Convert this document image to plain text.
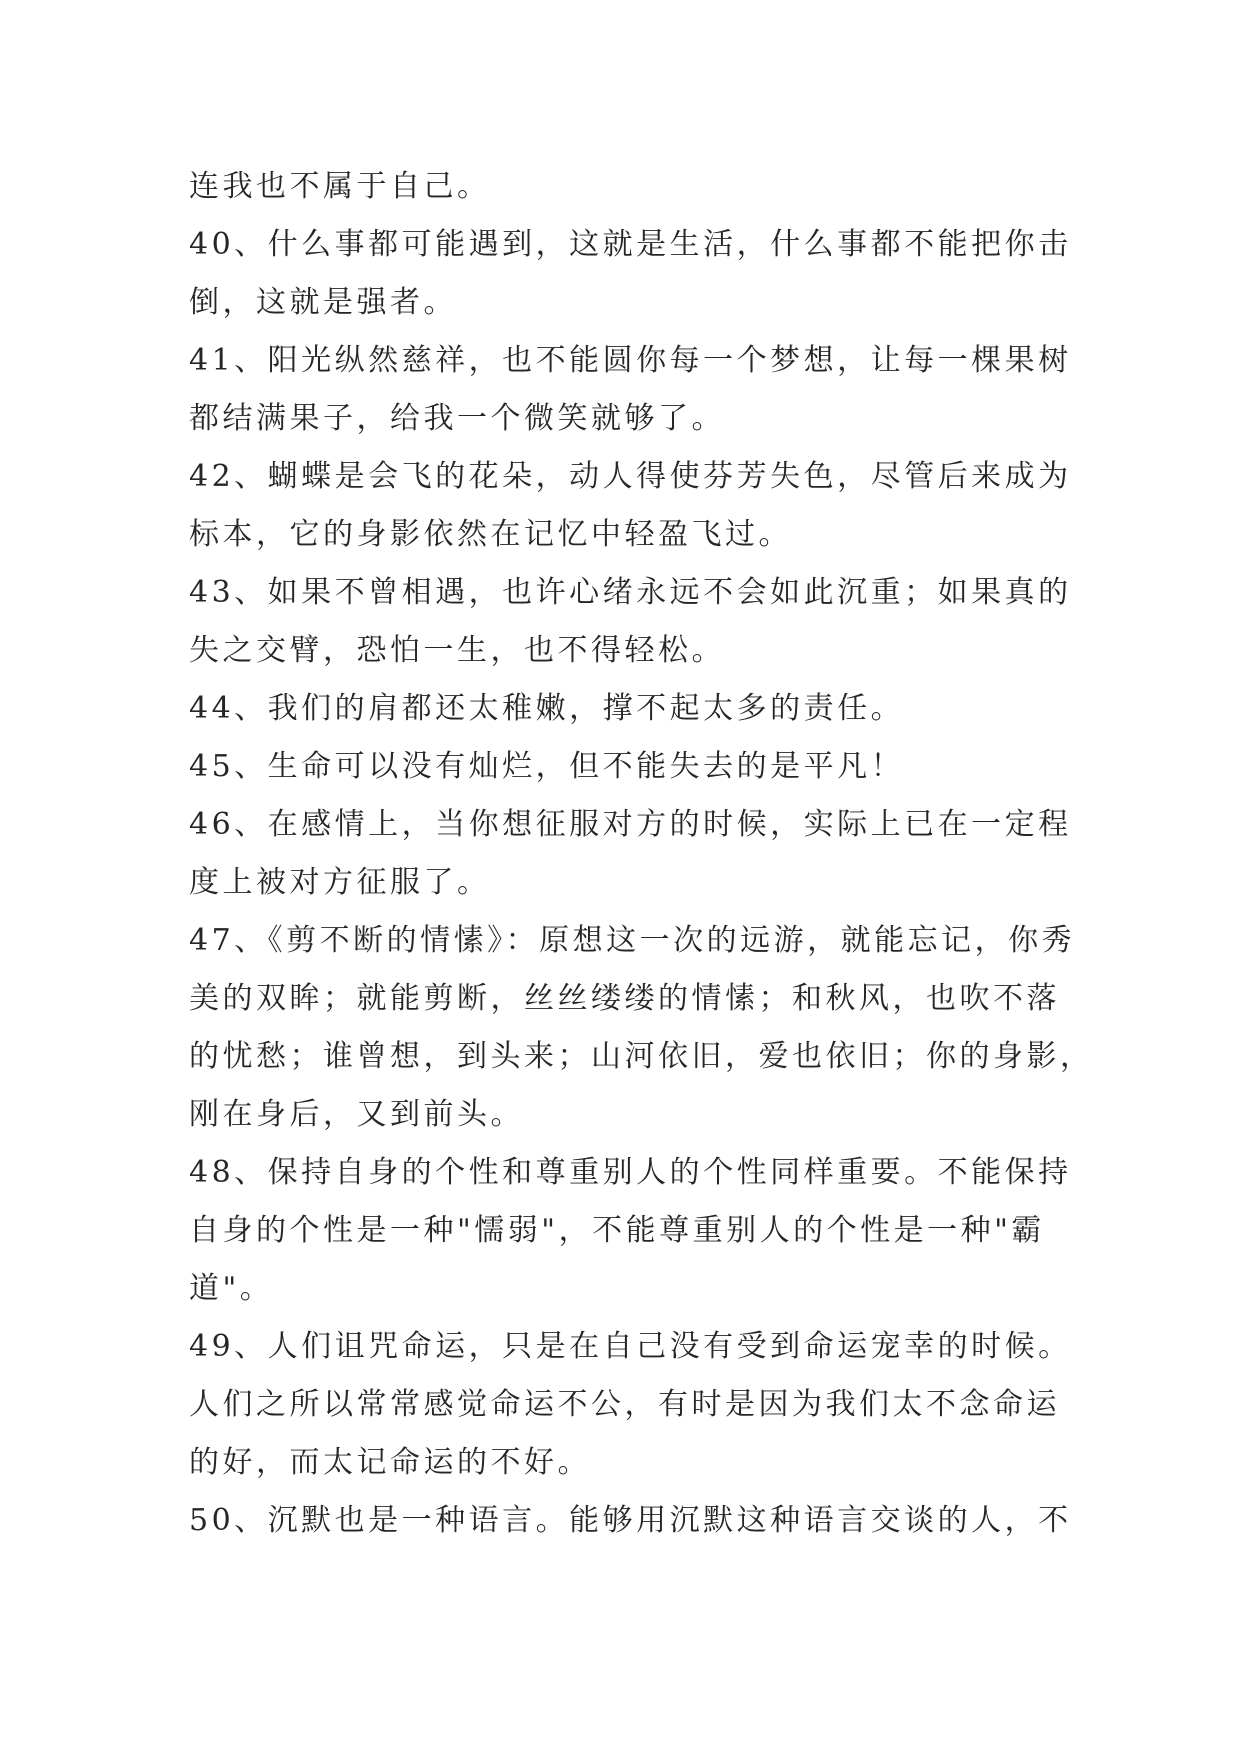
连我也不属于自己。
40、什么事都可能遇到，这就是生活，什么事都不能把你击
倒，这就是强者。
41、阳光纵然慈祥，也不能圆你每一个梦想，让每一棵果树
都结满果子，给我一个微笑就够了。
42、蝴蝶是会飞的花朵，动人得使芬芳失色，尽管后来成为
标本，它的身影依然在记忆中轻盈飞过。
43、如果不曾相遇，也许心绪永远不会如此沉重；如果真的
失之交臂，恐怕一生，也不得轻松。
44、我们的肩都还太稚嫩，撑不起太多的责任。
45、生命可以没有灿烂，但不能失去的是平凡！
46、在感情上，当你想征服对方的时候，实际上已在一定程
度上被对方征服了。
47、《剪不断的情愫》：原想这一次的远游，就能忘记，你秀
美的双眸；就能剪断，丝丝缕缕的情愫；和秋风，也吹不落
的忧愁；谁曾想，到头来；山河依旧，爱也依旧；你的身影，
刚在身后，又到前头。
48、保持自身的个性和尊重别人的个性同样重要。不能保持
自身的个性是一种"懦弱"，不能尊重别人的个性是一种"霸
道"。
49、人们诅咒命运，只是在自己没有受到命运宠幸的时候。
人们之所以常常感觉命运不公，有时是因为我们太不念命运
的好，而太记命运的不好。
50、沉默也是一种语言。能够用沉默这种语言交谈的人，不
